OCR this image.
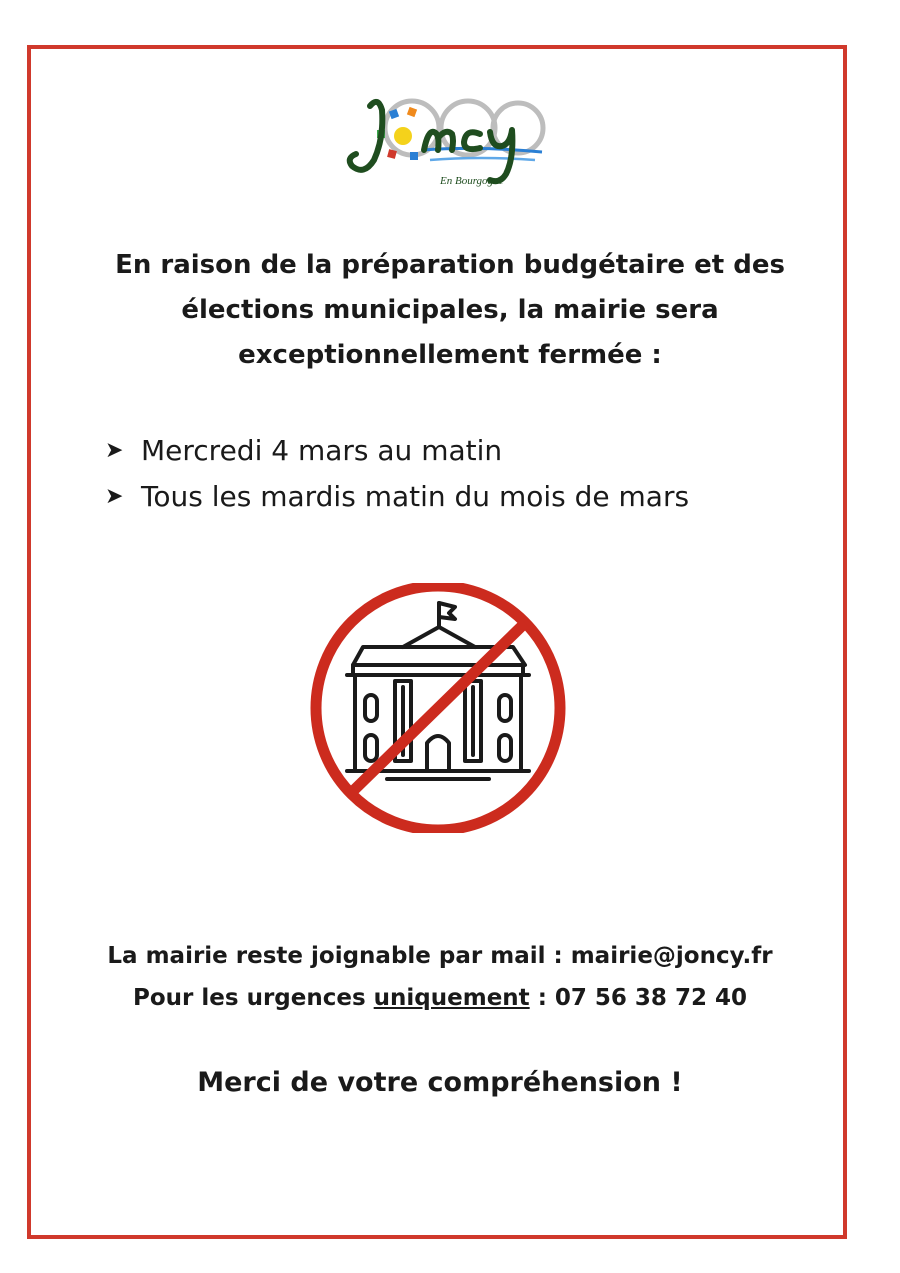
En Bourgogne

En raison de la préparation budgétaire et des
élections municipales, la mairie sera
exceptionnellement fermée :

➤ Mercredi 4 mars au matin
➤ Tous les mardis matin du mois de mars
La mairie reste joignable par mail : mairie@joncy.fr
Pour les urgences uniquement : 07 56 38 72 40

Merci de votre compréhension !
